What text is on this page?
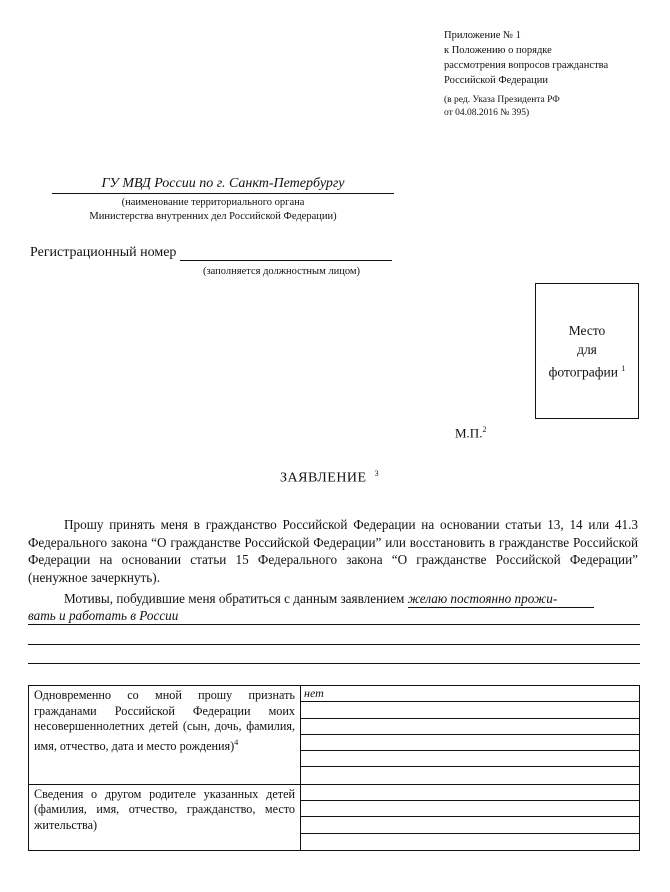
Приложение № 1
к Положению о порядке
рассмотрения вопросов гражданства
Российской Федерации
(в ред. Указа Президента РФ
от 04.08.2016 № 395)
ГУ МВД России по г. Санкт-Петербургу
(наименование территориального органа
Министерства внутренних дел Российской Федерации)
Регистрационный номер
(заполняется должностным лицом)
Место
для
фотографии $^1$
М.П.$^2$
ЗАЯВЛЕНИЕ $^3$

Прошу принять меня в гражданство Российской Федерации на основании статьи 13, 14 или 41.3 Федерального закона “О гражданстве Российской Федерации” или восстановить в гражданстве Российской Федерации на основании статьи 15 Федерального закона “О гражданстве Российской Федерации” (ненужное зачеркнуть).

Мотивы, побудившие меня обратиться с данным заявлением желаю постоянно прожи-
вать и работать в России
Одновременно со мной прошу признать гражданами Российской Федерации моих несовершеннолетних детей (сын, дочь, фамилия, имя, отчество, дата и место рождения)$^4$
нет
Сведения о другом родителе указанных детей (фамилия, имя, отчество, гражданство, место жительства)
